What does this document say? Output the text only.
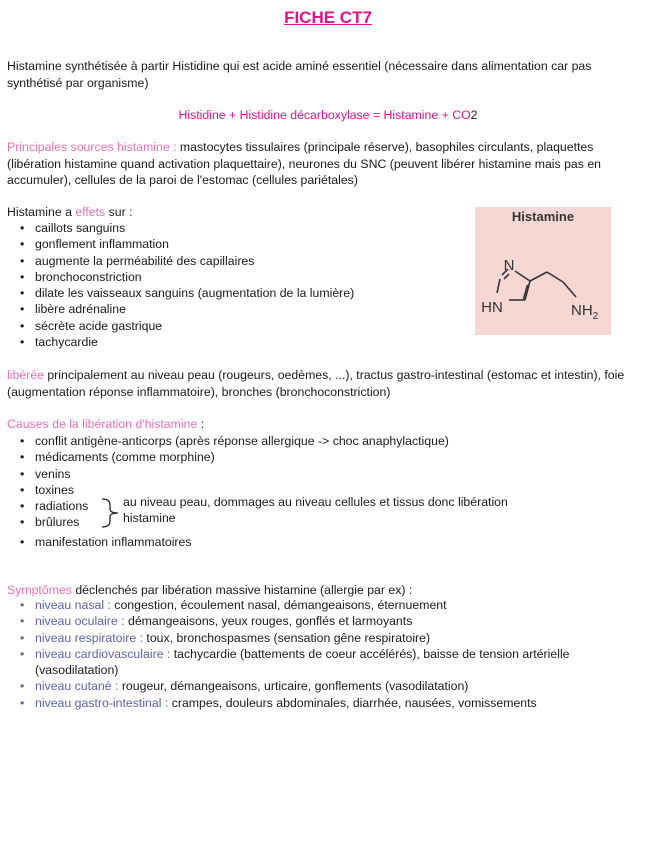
FICHE CT7

Histamine synthétisée à partir Histidine qui est acide aminé essentiel (nécessaire dans alimentation car pas synthétisé par organisme)

Histidine + Histidine décarboxylase = Histamine + CO2

Principales sources histamine : mastocytes tissulaires (principale réserve), basophiles circulants, plaquettes (libération histamine quand activation plaquettaire), neurones du SNC (peuvent libérer histamine mais pas en accumuler), cellules de la paroi de l'estomac (cellules pariétales)

Histamine a effets sur :

• caillots sanguins
• gonflement inflammation
• augmente la perméabilité des capillaires
• bronchoconstriction
• dilate les vaisseaux sanguins (augmentation de la lumière)
• libère adrénaline
• sécrète acide gastrique
• tachycardie
Histamine
N
HN	$NH_2$

libérée principalement au niveau peau (rougeurs, oedèmes, ...), tractus gastro-intestinal (estomac et intestin), foie (augmentation réponse inflammatoire), bronches (bronchoconstriction)

Causes de la libération d'histamine :

• conflit antigène-anticorps (après réponse allergique -> choc anaphylactique)
• médicaments (comme morphine)
• venins
• toxines
• radiations
• brûlures
• manifestation inflammatoires

au niveau peau, dommages au niveau cellules et tissus donc libération histamine

Symptômes déclenchés par libération massive histamine (allergie par ex) :

• niveau nasal : congestion, écoulement nasal, démangeaisons, éternuement
• niveau oculaire : démangeaisons, yeux rouges, gonflés et larmoyants
• niveau respiratoire : toux, bronchospasmes (sensation gêne respiratoire)
• niveau cardiovasculaire : tachycardie (battements de coeur accélérés), baisse de tension artérielle (vasodilatation)
• niveau cutané : rougeur, démangeaisons, urticaire, gonflements (vasodilatation)
• niveau gastro-intestinal : crampes, douleurs abdominales, diarrhée, nausées, vomissements
